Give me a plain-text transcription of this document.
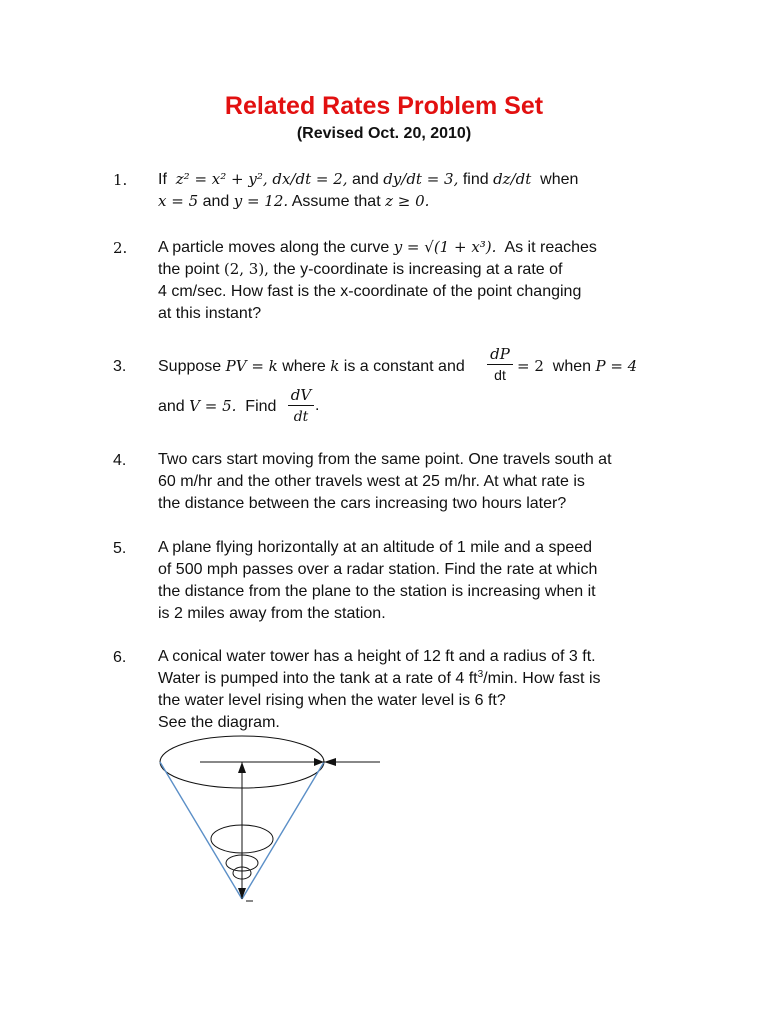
Related Rates Problem Set
(Revised Oct. 20, 2010)
1. If z² = x² + y², dx/dt = 2, and dy/dt = 3, find dz/dt when
x = 5 and y = 12. Assume that z ≥ 0.
2. A particle moves along the curve y = √(1 + x³). As it reaches
the point (2, 3), the y-coordinate is increasing at a rate of
4 cm/sec. How fast is the x-coordinate of the point changing
at this instant?
3. Suppose PV = k where k is a constant and
dP
dt = 2 when P = 4
and V = 5. Find
dV
dt
.
4. Two cars start moving from the same point. One travels south at
60 m/hr and the other travels west at 25 m/hr. At what rate is
the distance between the cars increasing two hours later?
5. A plane flying horizontally at an altitude of 1 mile and a speed
of 500 mph passes over a radar station. Find the rate at which
the distance from the plane to the station is increasing when it
is 2 miles away from the station.
6. A conical water tower has a height of 12 ft and a radius of 3 ft.
Water is pumped into the tank at a rate of 4 $ft^3/\min$. How fast is
the water level rising when the water level is 6 ft?
See the diagram.
